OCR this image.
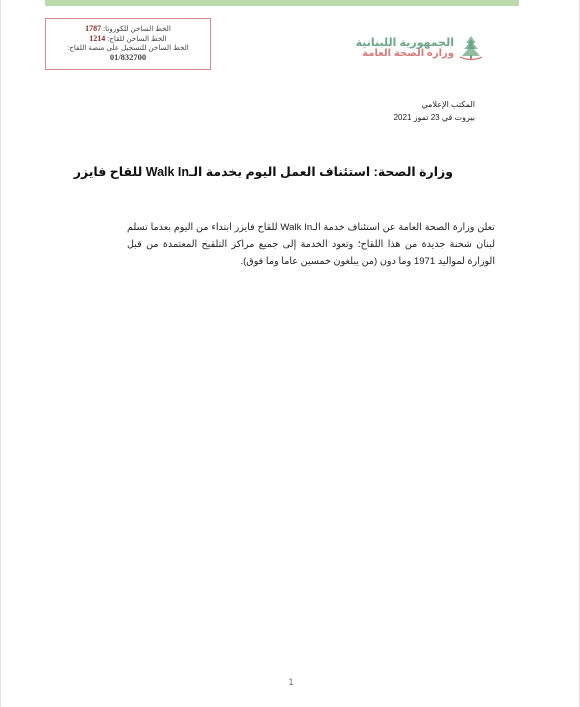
الخط الساخن للكورونا: 1787
الخط الساخن للقاح: 1214
الخط الساخن للتسجيل على منصة اللقاح:
01/832700
الجمهورية اللبنانية
وزارة الصحة العامة
المكتب الإعلامي
بيروت في 23 تموز 2021
وزارة الصحة: استئناف العمل اليوم بخدمة الـWalk In للقاح فايزر
تعلن وزارة الصحة العامة عن استئناف خدمة الـWalk In للقاح فايزر ابتداء من اليوم بعدما تسلم لبنان شحنة جديدة من هذا اللقاح؛ وتعود الخدمة إلى جميع مراكز التلقيح المعتمدة من قبل الوزارة لمواليد 1971 وما دون (من يبلغون خمسين عاما وما فوق).
1
